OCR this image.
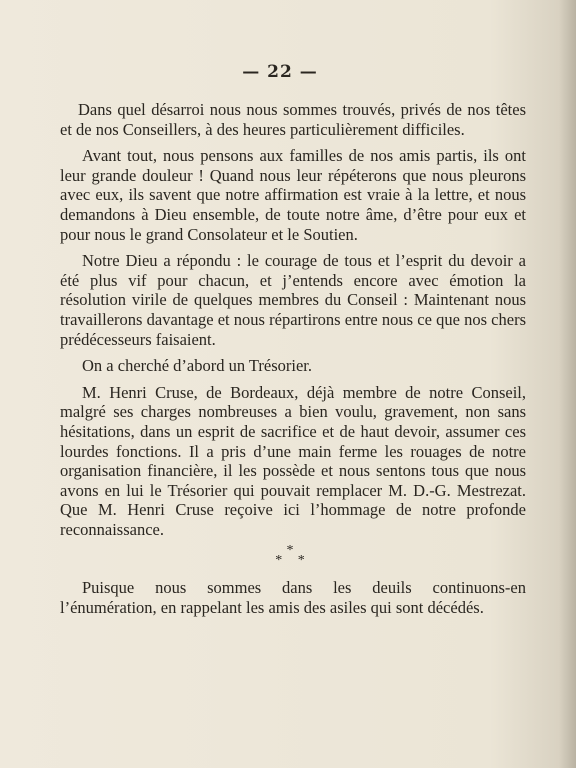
— 22 —

Dans quel désarroi nous nous sommes trouvés, privés de nos têtes et de nos Conseillers, à des heures particulièrement difficiles.

Avant tout, nous pensons aux familles de nos amis partis, ils ont leur grande douleur ! Quand nous leur répéterons que nous pleurons avec eux, ils savent que notre affirmation est vraie à la lettre, et nous demandons à Dieu ensemble, de toute notre âme, d’être pour eux et pour nous le grand Consolateur et le Soutien.

Notre Dieu a répondu : le courage de tous et l’esprit du devoir a été plus vif pour chacun, et j’entends encore avec émotion la résolution virile de quelques membres du Conseil : Maintenant nous travaillerons davantage et nous répartirons entre nous ce que nos chers prédécesseurs faisaient.

On a cherché d’abord un Trésorier.

M. Henri Cruse, de Bordeaux, déjà membre de notre Conseil, malgré ses charges nombreuses a bien voulu, gravement, non sans hésitations, dans un esprit de sacrifice et de haut devoir, assumer ces lourdes fonctions. Il a pris d’une main ferme les rouages de notre organisation financière, il les possède et nous sentons tous que nous avons en lui le Trésorier qui pouvait remplacer M. D.-G. Mestrezat. Que M. Henri Cruse reçoive ici l’hommage de notre profonde reconnaissance.

*
* *

Puisque nous sommes dans les deuils continuons-en l’énumération, en rappelant les amis des asiles qui sont décédés.
